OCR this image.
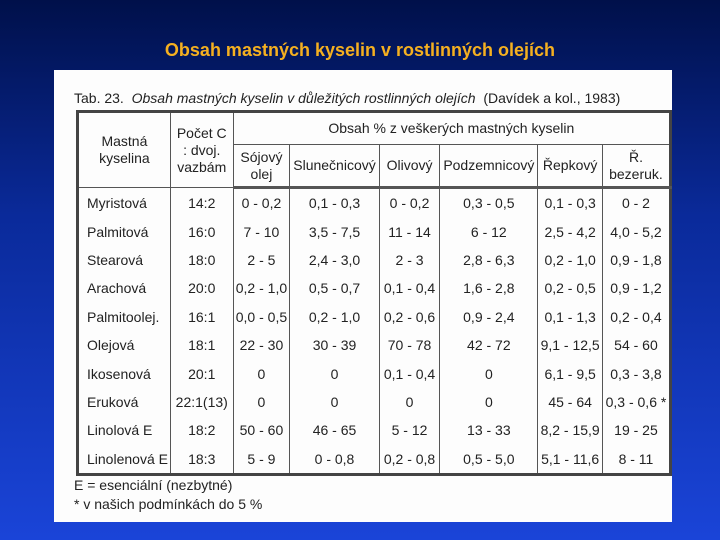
Obsah mastných kyselin v rostlinných olejích
Tab. 23. Obsah mastných kyselin v důležitých rostlinných olejích (Davídek a kol., 1983)
Mastná kyselina	Počet C : dvoj. vazbám	Obsah % z veškerých mastných kyselin					
		Sójový olej	Slunečnicový	Olivový	Podzemnicový	Řepkový	Ř. bezeruk.
Myristová	14:2	0 - 0,2	0,1 - 0,3	0 - 0,2	0,3 - 0,5	0,1 - 0,3	0 - 2
Palmitová	16:0	7 - 10	3,5 - 7,5	11 - 14	6 - 12	2,5 - 4,2	4,0 - 5,2
Stearová	18:0	2 - 5	2,4 - 3,0	2 - 3	2,8 - 6,3	0,2 - 1,0	0,9 - 1,8
Arachová	20:0	0,2 - 1,0	0,5 - 0,7	0,1 - 0,4	1,6 - 2,8	0,2 - 0,5	0,9 - 1,2
Palmitoolej.	16:1	0,0 - 0,5	0,2 - 1,0	0,2 - 0,6	0,9 - 2,4	0,1 - 1,3	0,2 - 0,4
Olejová	18:1	22 - 30	30 - 39	70 - 78	42 - 72	9,1 - 12,5	54 - 60
Ikosenová	20:1	0	0	0,1 - 0,4	0	6,1 - 9,5	0,3 - 3,8
Eruková	22:1(13)	0	0	0	0	45 - 64	0,3 - 0,6 *
Linolová E	18:2	50 - 60	46 - 65	5 - 12	13 - 33	8,2 - 15,9	19 - 25
Linolenová E	18:3	5 - 9	0 - 0,8	0,2 - 0,8	0,5 - 5,0	5,1 - 11,6	8 - 11
E = esenciální (nezbytné)
* v našich podmínkách do 5 %
